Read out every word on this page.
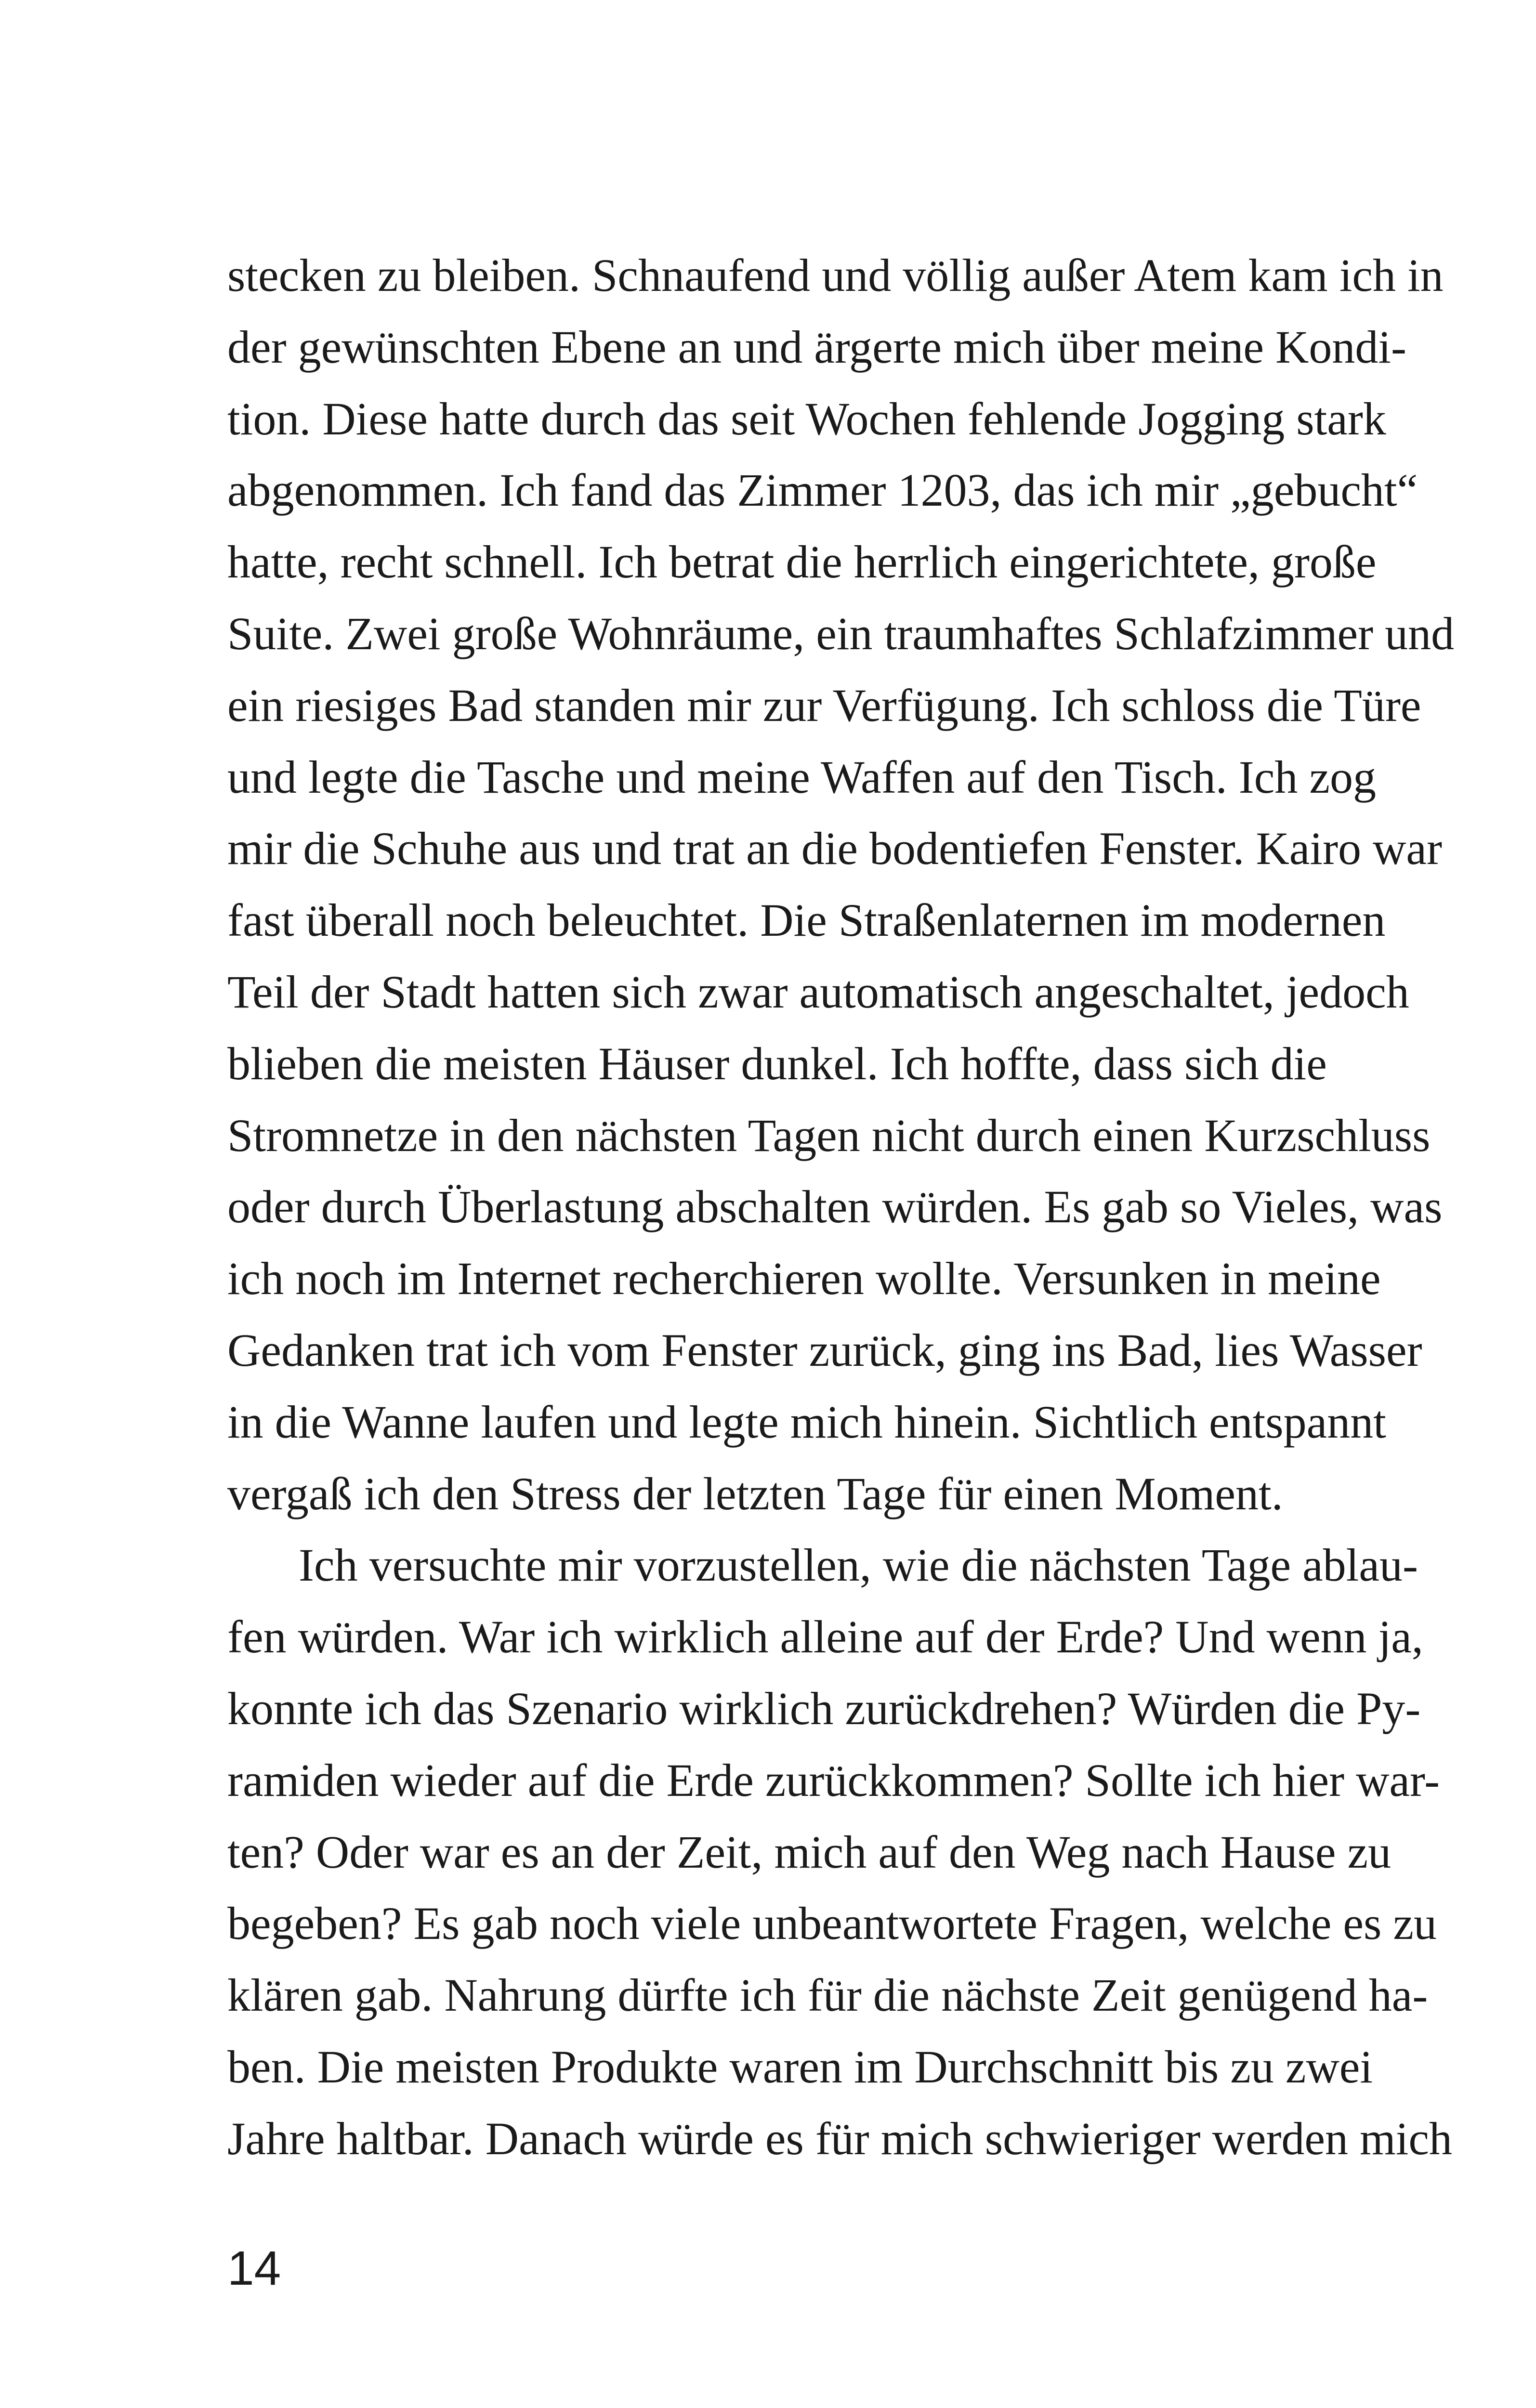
stecken zu bleiben. Schnaufend und völlig außer Atem kam ich in
der gewünschten Ebene an und ärgerte mich über meine Kondi-
tion. Diese hatte durch das seit Wochen fehlende Jogging stark
abgenommen. Ich fand das Zimmer 1203, das ich mir „gebucht“
hatte, recht schnell. Ich betrat die herrlich eingerichtete, große
Suite. Zwei große Wohnräume, ein traumhaftes Schlafzimmer und
ein riesiges Bad standen mir zur Verfügung. Ich schloss die Türe
und legte die Tasche und meine Waffen auf den Tisch. Ich zog
mir die Schuhe aus und trat an die bodentiefen Fenster. Kairo war
fast überall noch beleuchtet. Die Straßenlaternen im modernen
Teil der Stadt hatten sich zwar automatisch angeschaltet, jedoch
blieben die meisten Häuser dunkel. Ich hoffte, dass sich die
Stromnetze in den nächsten Tagen nicht durch einen Kurzschluss
oder durch Überlastung abschalten würden. Es gab so Vieles, was
ich noch im Internet recherchieren wollte. Versunken in meine
Gedanken trat ich vom Fenster zurück, ging ins Bad, lies Wasser
in die Wanne laufen und legte mich hinein. Sichtlich entspannt
vergaß ich den Stress der letzten Tage für einen Moment.
Ich versuchte mir vorzustellen, wie die nächsten Tage ablau-
fen würden. War ich wirklich alleine auf der Erde? Und wenn ja,
konnte ich das Szenario wirklich zurückdrehen? Würden die Py-
ramiden wieder auf die Erde zurückkommen? Sollte ich hier war-
ten? Oder war es an der Zeit, mich auf den Weg nach Hause zu
begeben? Es gab noch viele unbeantwortete Fragen, welche es zu
klären gab. Nahrung dürfte ich für die nächste Zeit genügend ha-
ben. Die meisten Produkte waren im Durchschnitt bis zu zwei
Jahre haltbar. Danach würde es für mich schwieriger werden mich
14
